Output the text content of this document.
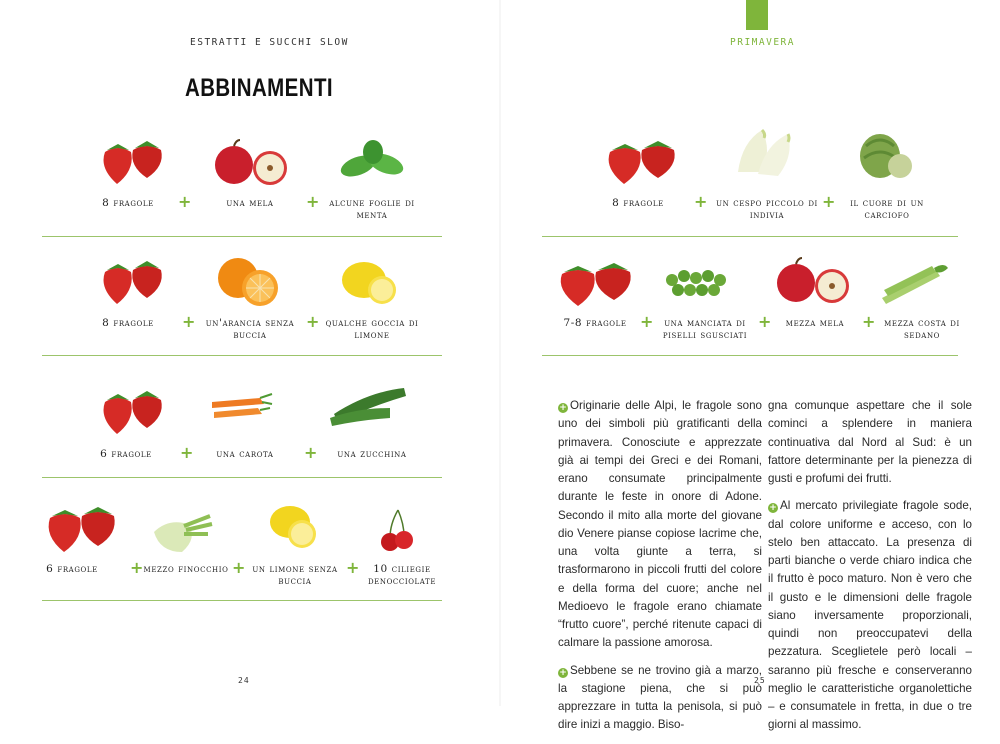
ESTRATTI E SUCCHI SLOW
ABBINAMENTI
8 fragole	+	una mela	+ alcune foglie di menta
8 fragole	+ un'arancia senza buccia
+ qualche goccia di limone
6 fragole	+	una carota	+	una zucchina
6 fragole	+ mezzo finocchio + un limone senza buccia
+	10 ciliegie denocciolate
24
PRIMAVERA
8 fragole	+ un cespo piccolo di indivia
+	il cuore di un carciofo
7-8 fragole +	una manciata di piselli sgusciati
+	mezza mela	+ mezza costa di sedano

+ Originarie delle Alpi, le fragole sono uno dei simboli più gratificanti della primavera. Conosciute e apprezzate già ai tempi dei Greci e dei Romani, erano consumate principalmente durante le feste in onore di Adone. Secondo il mito alla morte del giovane dio Venere pianse copiose lacrime che, una volta giunte a terra, si trasformarono in piccoli frutti del colore e della forma del cuore; anche nel Medioevo le fragole erano chiamate “frutto cuore”, perché ritenute capaci di calmare la passione amorosa.

+ Sebbene se ne trovino già a marzo, la stagione piena, che si può apprezzare in tutta la penisola, si può dire inizi a maggio. Biso-

gna comunque aspettare che il sole cominci a splendere in maniera continuativa dal Nord al Sud: è un fattore determinante per la pienezza di gusti e profumi dei frutti.

+ Al mercato privilegiate fragole sode, dal colore uniforme e acceso, con lo stelo ben attaccato. La presenza di parti bianche o verde chiaro indica che il frutto è poco maturo. Non è vero che il gusto e le dimensioni delle fragole siano inversamente proporzionali, quindi non preoccupatevi della pezzatura. Sceglietele però locali – saranno più fresche e conserveranno meglio le caratteristiche organolettiche – e consumatele in fretta, in due o tre giorni al massimo.

25
